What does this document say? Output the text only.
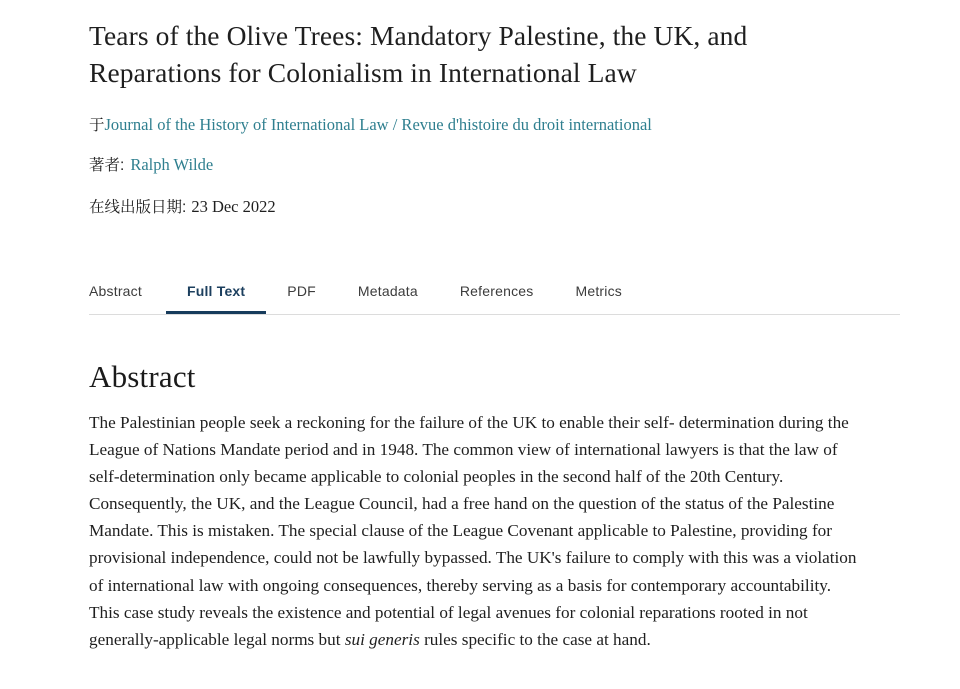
Tears of the Olive Trees: Mandatory Palestine, the UK, and Reparations for Colonialism in International Law
于Journal of the History of International Law / Revue d'histoire du droit international
著者: Ralph Wilde
在线出版日期: 23 Dec 2022
Abstract	Full Text	PDF	Metadata	References	Metrics
Abstract
The Palestinian people seek a reckoning for the failure of the UK to enable their self- determination during the League of Nations Mandate period and in 1948. The common view of international lawyers is that the law of self-determination only became applicable to colonial peoples in the second half of the 20th Century. Consequently, the UK, and the League Council, had a free hand on the question of the status of the Palestine Mandate. This is mistaken. The special clause of the League Covenant applicable to Palestine, providing for provisional independence, could not be lawfully bypassed. The UK's failure to comply with this was a violation of international law with ongoing consequences, thereby serving as a basis for contemporary accountability. This case study reveals the existence and potential of legal avenues for colonial reparations rooted in not generally-applicable legal norms but sui generis rules specific to the case at hand.
